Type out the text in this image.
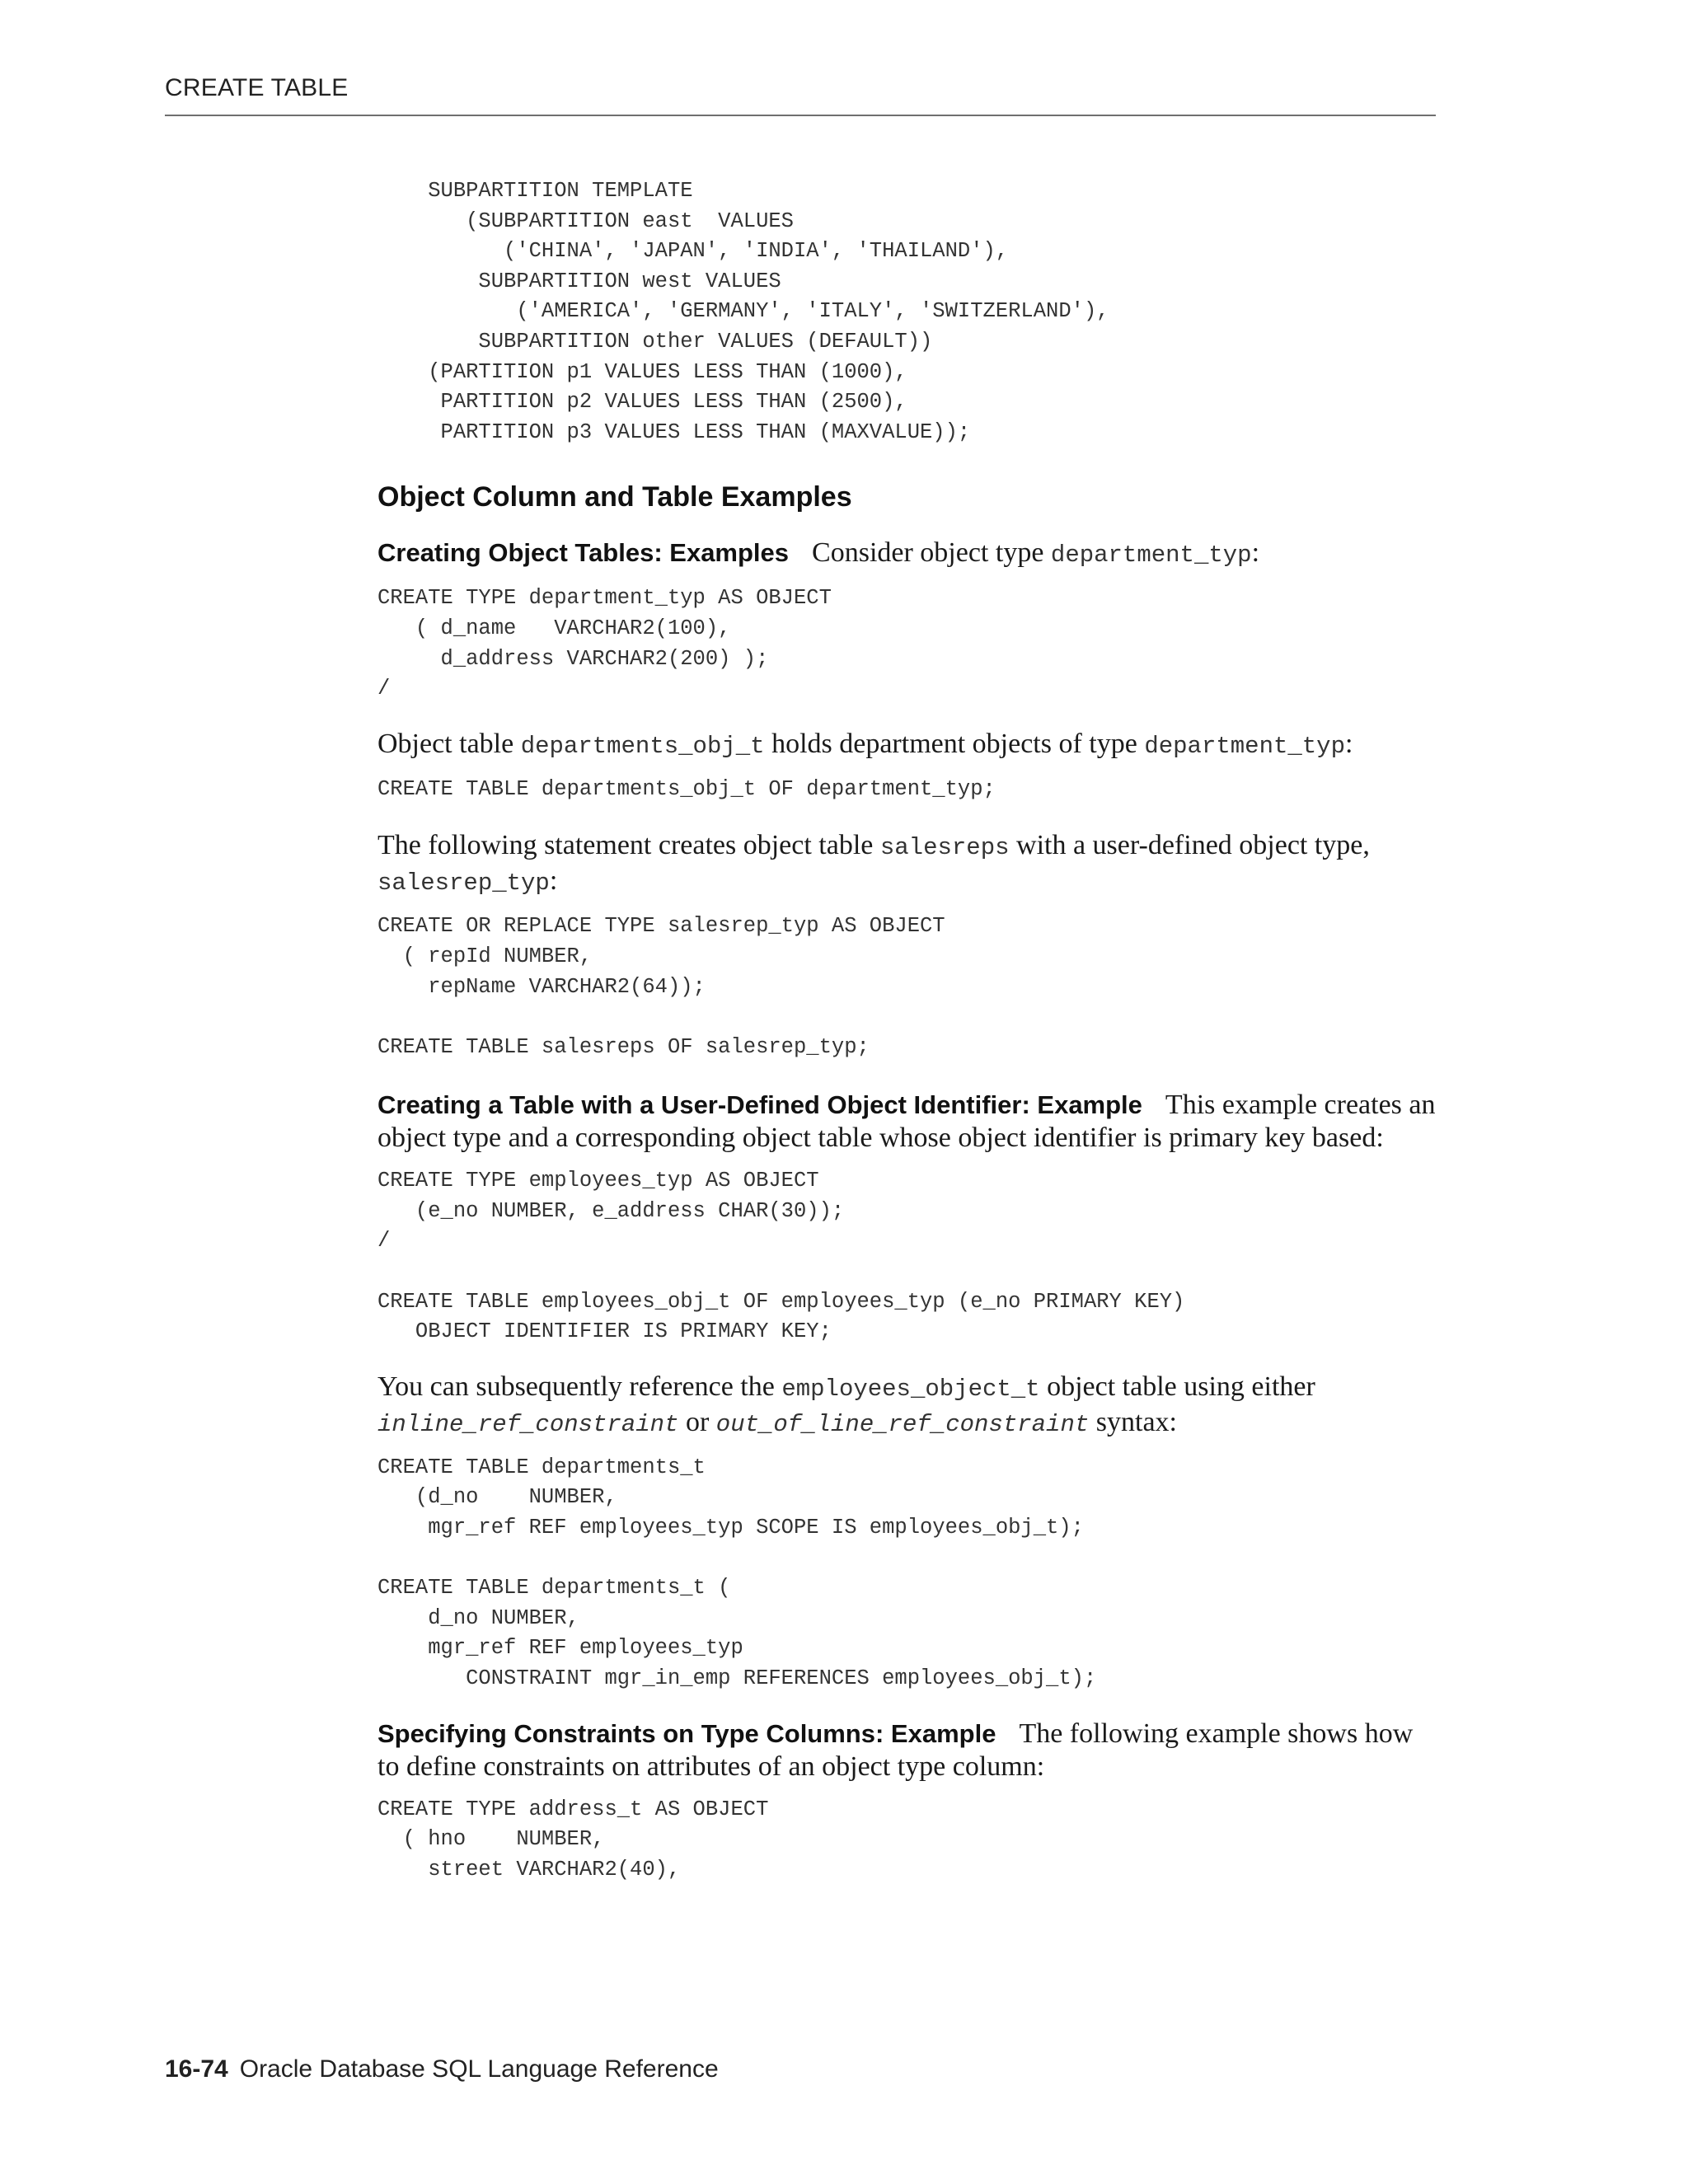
CREATE TABLE
SUBPARTITION TEMPLATE
(SUBPARTITION east  VALUES
('CHINA', 'JAPAN', 'INDIA', 'THAILAND'),
SUBPARTITION west VALUES
('AMERICA', 'GERMANY', 'ITALY', 'SWITZERLAND'),
SUBPARTITION other VALUES (DEFAULT))
(PARTITION p1 VALUES LESS THAN (1000),
PARTITION p2 VALUES LESS THAN (2500),
PARTITION p3 VALUES LESS THAN (MAXVALUE));
Object Column and Table Examples

Creating Object Tables: Examples Consider object type department_typ:

CREATE TYPE department_typ AS OBJECT
( d_name   VARCHAR2(100),
d_address VARCHAR2(200) );
/

Object table departments_obj_t holds department objects of type department_typ:

CREATE TABLE departments_obj_t OF department_typ;

The following statement creates object table salesreps with a user-defined object type, salesrep_typ:

CREATE OR REPLACE TYPE salesrep_typ AS OBJECT
( repId NUMBER,
repName VARCHAR2(64));

CREATE TABLE salesreps OF salesrep_typ;

Creating a Table with a User-Defined Object Identifier: Example This example creates an object type and a corresponding object table whose object identifier is primary key based:

CREATE TYPE employees_typ AS OBJECT
(e_no NUMBER, e_address CHAR(30));
/

CREATE TABLE employees_obj_t OF employees_typ (e_no PRIMARY KEY)
OBJECT IDENTIFIER IS PRIMARY KEY;

You can subsequently reference the employees_object_t object table using either inline_ref_constraint or out_of_line_ref_constraint syntax:

CREATE TABLE departments_t
(d_no    NUMBER,
mgr_ref REF employees_typ SCOPE IS employees_obj_t);

CREATE TABLE departments_t (
d_no NUMBER,
mgr_ref REF employees_typ
CONSTRAINT mgr_in_emp REFERENCES employees_obj_t);

Specifying Constraints on Type Columns: Example The following example shows how to define constraints on attributes of an object type column:

CREATE TYPE address_t AS OBJECT
( hno    NUMBER,
street VARCHAR2(40),
16-74 Oracle Database SQL Language Reference
